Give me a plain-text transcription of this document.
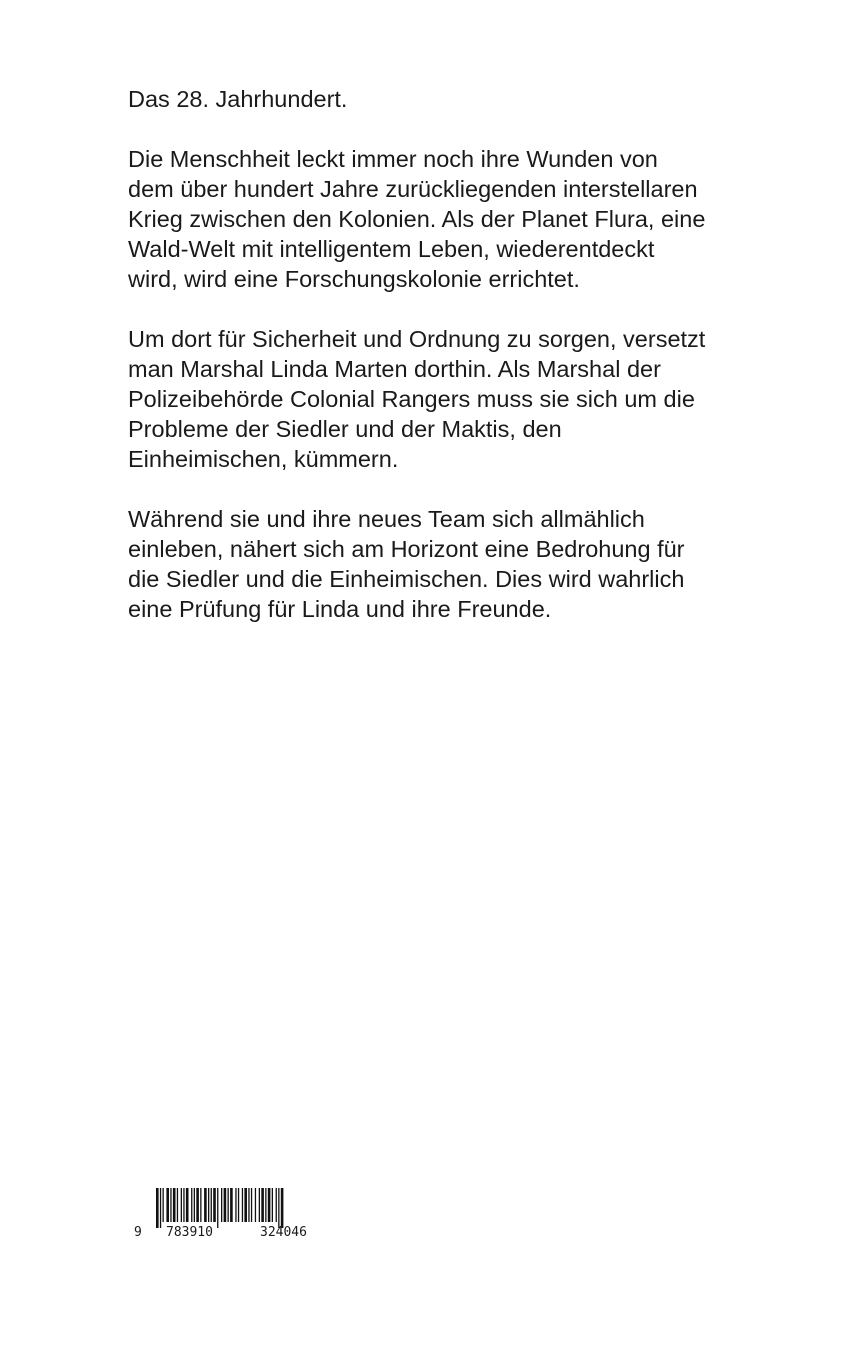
Das 28. Jahrhundert.

Die Menschheit leckt immer noch ihre Wunden von
dem über hundert Jahre zurückliegenden interstellaren
Krieg zwischen den Kolonien. Als der Planet Flura, eine
Wald-Welt mit intelligentem Leben, wiederentdeckt
wird, wird eine Forschungskolonie errichtet.

Um dort für Sicherheit und Ordnung zu sorgen, versetzt
man Marshal Linda Marten dorthin. Als Marshal der
Polizeibehörde Colonial Rangers muss sie sich um die
Probleme der Siedler und der Maktis, den
Einheimischen, kümmern.

Während sie und ihre neues Team sich allmählich
einleben, nähert sich am Horizont eine Bedrohung für
die Siedler und die Einheimischen. Dies wird wahrlich
eine Prüfung für Linda und ihre Freunde.

9 783910	324046
